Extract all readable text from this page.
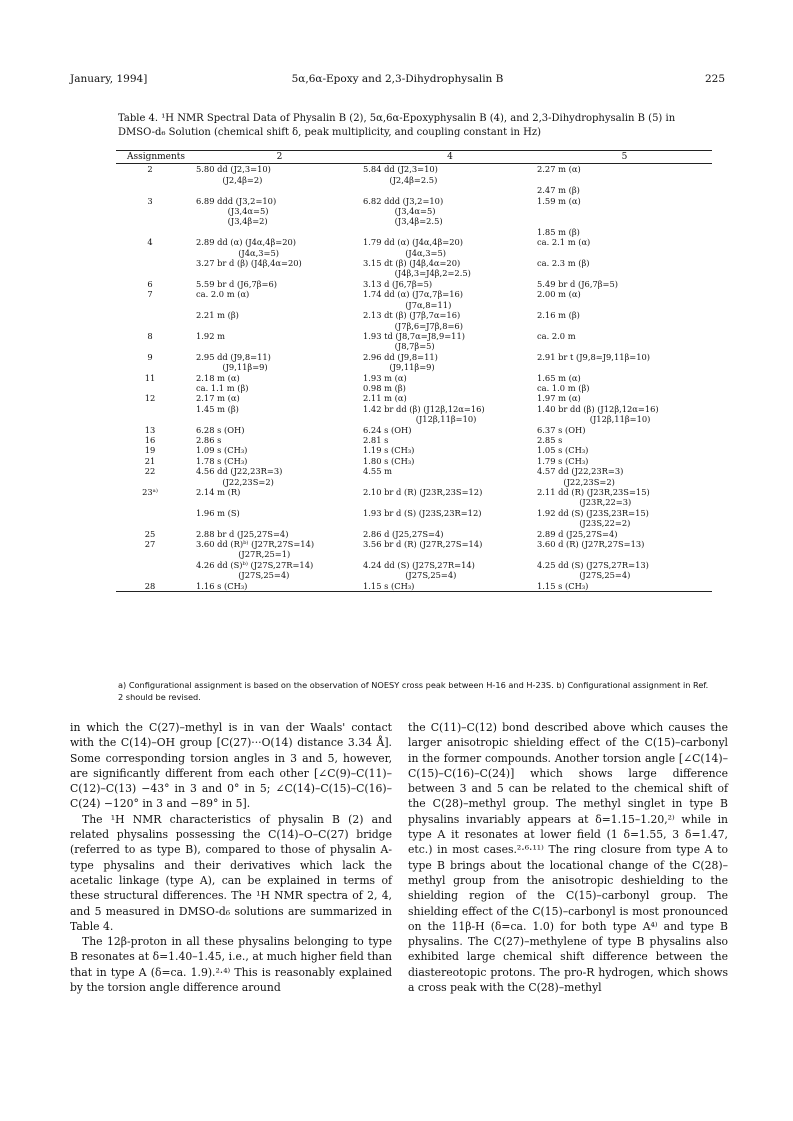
January, 1994]	5α,6α-Epoxy and 2,3-Dihydrophysalin B	225
Table 4. ¹H NMR Spectral Data of Physalin B (2), 5α,6α-Epoxyphysalin B (4), and 2,3-Dihydrophysalin B (5) in DMSO-d₆ Solution (chemical shift δ, peak multiplicity, and coupling constant in Hz)
Assignments	2	4	5

2	5.80 dd (J2,3=10)	5.84 dd (J2,3=10)	2.27 m (α)
	(J2,4β=2)	(J2,4β=2.5)	
			2.47 m (β)
3	6.89 ddd (J3,2=10)	6.82 ddd (J3,2=10)	1.59 m (α)
	(J3,4α=5)	(J3,4α=5)	
	(J3,4β=2)	(J3,4β=2.5)	
			1.85 m (β)
4	2.89 dd (α) (J4α,4β=20)	1.79 dd (α) (J4α,4β=20)	ca. 2.1 m (α)
	(J4α,3=5)	(J4α,3=5)	
	3.27 br d (β) (J4β,4α=20)	3.15 dt (β) (J4β,4α=20)	ca. 2.3 m (β)
		(J4β,3=J4β,2=2.5)	
6	5.59 br d (J6,7β=6)	3.13 d (J6,7β=5)	5.49 br d (J6,7β=5)
7	ca. 2.0 m (α)	1.74 dd (α) (J7α,7β=16)	2.00 m (α)
		(J7α,8=11)	
	2.21 m (β)	2.13 dt (β) (J7β,7α=16)	2.16 m (β)
		(J7β,6=J7β,8=6)	
8	1.92 m	1.93 td (J8,7α=J8,9=11)	ca. 2.0 m
		(J8,7β=5)	
9	2.95 dd (J9,8=11)	2.96 dd (J9,8=11)	2.91 br t (J9,8=J9,11β=10)
	(J9,11β=9)	(J9,11β=9)	
11	2.18 m (α)	1.93 m (α)	1.65 m (α)
	ca. 1.1 m (β)	0.98 m (β)	ca. 1.0 m (β)
12	2.17 m (α)	2.11 m (α)	1.97 m (α)
	1.45 m (β)	1.42 br dd (β) (J12β,12α=16)	1.40 br dd (β) (J12β,12α=16)
		(J12β,11β=10)	(J12β,11β=10)
13	6.28 s (OH)	6.24 s (OH)	6.37 s (OH)
16	2.86 s	2.81 s	2.85 s
19	1.09 s (CH₃)	1.19 s (CH₃)	1.05 s (CH₃)
21	1.78 s (CH₃)	1.80 s (CH₃)	1.79 s (CH₃)
22	4.56 dd (J22,23R=3)	4.55 m	4.57 dd (J22,23R=3)
	(J22,23S=2)		(J22,23S=2)
23ᵃ⁾	2.14 m (R)	2.10 br d (R) (J23R,23S=12)	2.11 dd (R) (J23R,23S=15)
			(J23R,22=3)
	1.96 m (S)	1.93 br d (S) (J23S,23R=12)	1.92 dd (S) (J23S,23R=15)
			(J23S,22=2)
25	2.88 br d (J25,27S=4)	2.86 d (J25,27S=4)	2.89 d (J25,27S=4)
27	3.60 dd (R)ᵇ⁾ (J27R,27S=14)	3.56 br d (R) (J27R,27S=14)	3.60 d (R) (J27R,27S=13)
	(J27R,25=1)		
	4.26 dd (S)ᵇ⁾ (J27S,27R=14)	4.24 dd (S) (J27S,27R=14)	4.25 dd (S) (J27S,27R=13)
	(J27S,25=4)	(J27S,25=4)	(J27S,25=4)
28	1.16 s (CH₃)	1.15 s (CH₃)	1.15 s (CH₃)
a) Configurational assignment is based on the observation of NOESY cross peak between H-16 and H-23S. b) Configurational assignment in Ref. 2 should be revised.

in which the C(27)–methyl is in van der Waals' contact with the C(14)–OH group [C(27)···O(14) distance 3.34 Å]. Some corresponding torsion angles in 3 and 5, however, are significantly different from each other [∠C(9)–C(11)–C(12)–C(13) −43° in 3 and 0° in 5; ∠C(14)–C(15)–C(16)–C(24) −120° in 3 and −89° in 5].

The ¹H NMR characteristics of physalin B (2) and related physalins possessing the C(14)–O–C(27) bridge (referred to as type B), compared to those of physalin A-type physalins and their derivatives which lack the acetalic linkage (type A), can be explained in terms of these structural differences. The ¹H NMR spectra of 2, 4, and 5 measured in DMSO-d₆ solutions are summarized in Table 4.

The 12β-proton in all these physalins belonging to type B resonates at δ=1.40–1.45, i.e., at much higher field than that in type A (δ=ca. 1.9).²·⁴⁾ This is reasonably explained by the torsion angle difference around

the C(11)–C(12) bond described above which causes the larger anisotropic shielding effect of the C(15)–carbonyl in the former compounds. Another torsion angle [∠C(14)–C(15)–C(16)–C(24)] which shows large difference between 3 and 5 can be related to the chemical shift of the C(28)–methyl group. The methyl singlet in type B physalins invariably appears at δ=1.15–1.20,²⁾ while in type A it resonates at lower field (1 δ=1.55, 3 δ=1.47, etc.) in most cases.²·⁶·¹¹⁾ The ring closure from type A to type B brings about the locational change of the C(28)–methyl group from the anisotropic deshielding to the shielding region of the C(15)–carbonyl group. The shielding effect of the C(15)–carbonyl is most pronounced on the 11β-H (δ=ca. 1.0) for both type A⁴⁾ and type B physalins. The C(27)–methylene of type B physalins also exhibited large chemical shift difference between the diastereotopic protons. The pro-R hydrogen, which shows a cross peak with the C(28)–methyl
